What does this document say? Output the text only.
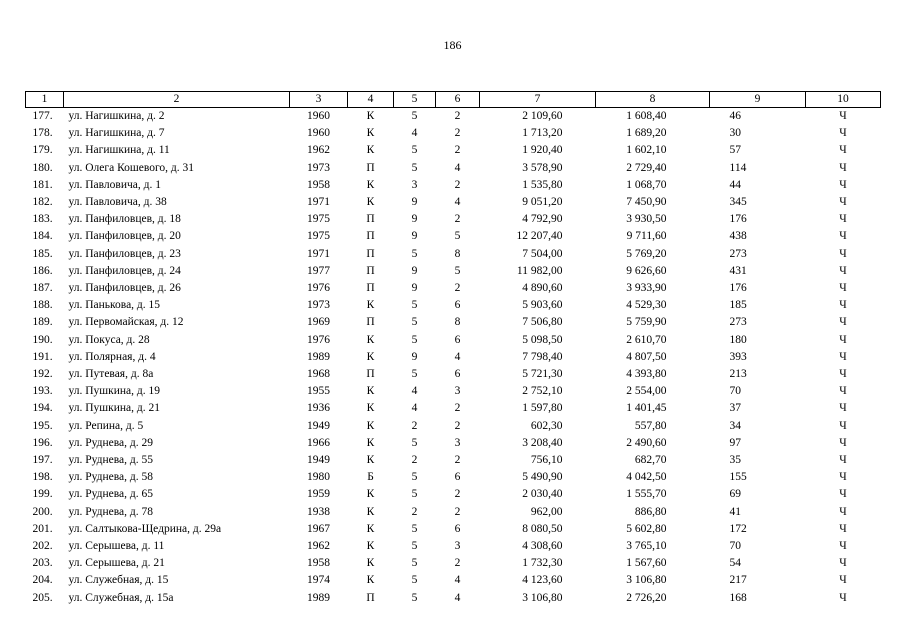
186
1	2	3	4	5	6	7	8	9	10
177.	ул. Нагишкина, д. 2	1960	К	5	2	2 109,60	1 608,40	46	Ч
178.	ул. Нагишкина, д. 7	1960	К	4	2	1 713,20	1 689,20	30	Ч
179.	ул. Нагишкина, д. 11	1962	К	5	2	1 920,40	1 602,10	57	Ч
180.	ул. Олега Кошевого, д. 31	1973	П	5	4	3 578,90	2 729,40	114	Ч
181.	ул. Павловича, д. 1	1958	К	3	2	1 535,80	1 068,70	44	Ч
182.	ул. Павловича, д. 38	1971	К	9	4	9 051,20	7 450,90	345	Ч
183.	ул. Панфиловцев, д. 18	1975	П	9	2	4 792,90	3 930,50	176	Ч
184.	ул. Панфиловцев, д. 20	1975	П	9	5	12 207,40	9 711,60	438	Ч
185.	ул. Панфиловцев, д. 23	1971	П	5	8	7 504,00	5 769,20	273	Ч
186.	ул. Панфиловцев, д. 24	1977	П	9	5	11 982,00	9 626,60	431	Ч
187.	ул. Панфиловцев, д. 26	1976	П	9	2	4 890,60	3 933,90	176	Ч
188.	ул. Панькова, д. 15	1973	К	5	6	5 903,60	4 529,30	185	Ч
189.	ул. Первомайская, д. 12	1969	П	5	8	7 506,80	5 759,90	273	Ч
190.	ул. Покуса, д. 28	1976	К	5	6	5 098,50	2 610,70	180	Ч
191.	ул. Полярная, д. 4	1989	К	9	4	7 798,40	4 807,50	393	Ч
192.	ул. Путевая, д. 8а	1968	П	5	6	5 721,30	4 393,80	213	Ч
193.	ул. Пушкина, д. 19	1955	К	4	3	2 752,10	2 554,00	70	Ч
194.	ул. Пушкина, д. 21	1936	К	4	2	1 597,80	1 401,45	37	Ч
195.	ул. Репина, д. 5	1949	К	2	2	602,30	557,80	34	Ч
196.	ул. Руднева, д. 29	1966	К	5	3	3 208,40	2 490,60	97	Ч
197.	ул. Руднева, д. 55	1949	К	2	2	756,10	682,70	35	Ч
198.	ул. Руднева, д. 58	1980	Б	5	6	5 490,90	4 042,50	155	Ч
199.	ул. Руднева, д. 65	1959	К	5	2	2 030,40	1 555,70	69	Ч
200.	ул. Руднева, д. 78	1938	К	2	2	962,00	886,80	41	Ч
201.	ул. Салтыкова-Щедрина, д. 29а	1967	К	5	6	8 080,50	5 602,80	172	Ч
202.	ул. Серышева, д. 11	1962	К	5	3	4 308,60	3 765,10	70	Ч
203.	ул. Серышева, д. 21	1958	К	5	2	1 732,30	1 567,60	54	Ч
204.	ул. Служебная, д. 15	1974	К	5	4	4 123,60	3 106,80	217	Ч
205.	ул. Служебная, д. 15а	1989	П	5	4	3 106,80	2 726,20	168	Ч
